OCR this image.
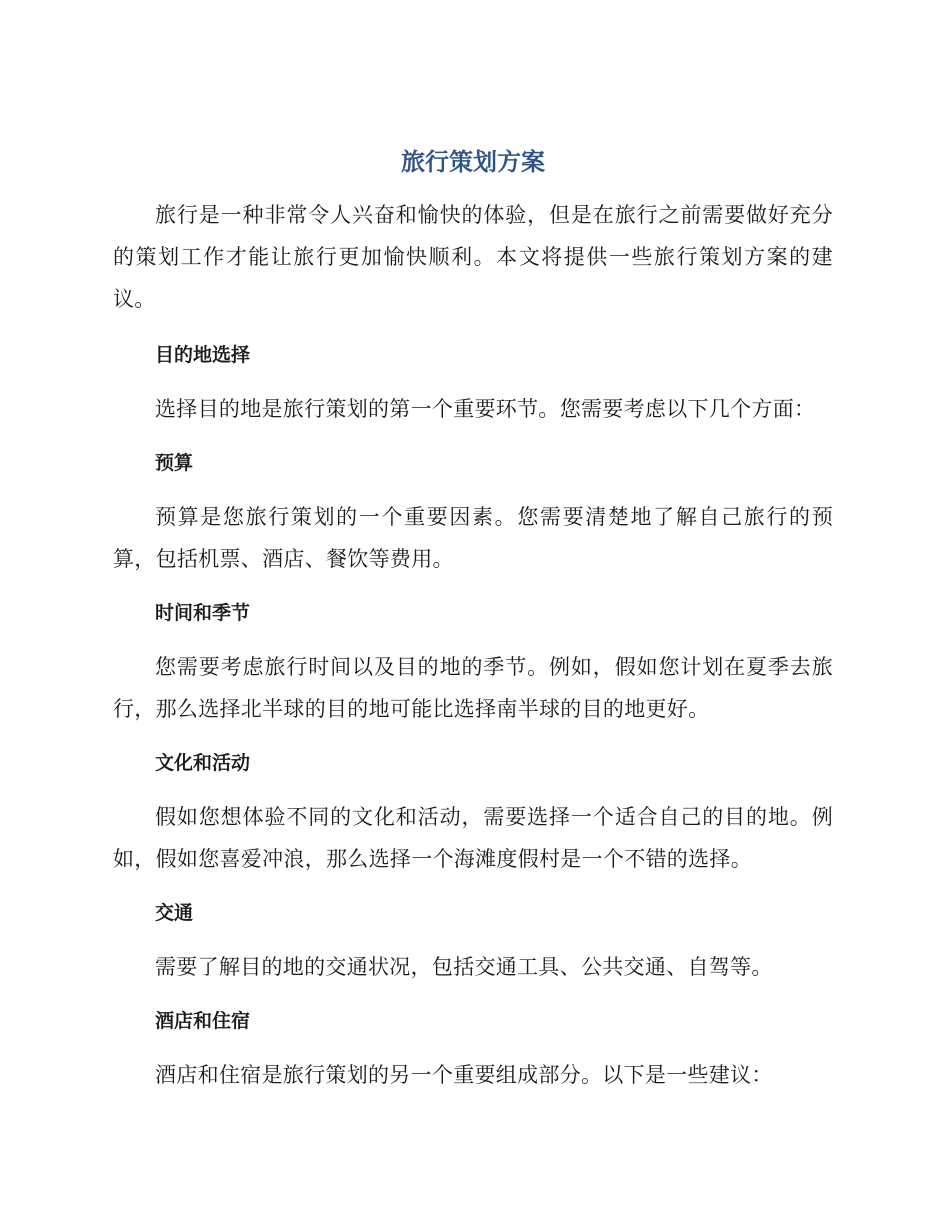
旅行策划方案

旅行是一种非常令人兴奋和愉快的体验，但是在旅行之前需要做好充分的策划工作才能让旅行更加愉快顺利。本文将提供一些旅行策划方案的建议。

目的地选择

选择目的地是旅行策划的第一个重要环节。您需要考虑以下几个方面：

预算

预算是您旅行策划的一个重要因素。您需要清楚地了解自己旅行的预算，包括机票、酒店、餐饮等费用。

时间和季节

您需要考虑旅行时间以及目的地的季节。例如，假如您计划在夏季去旅行，那么选择北半球的目的地可能比选择南半球的目的地更好。

文化和活动

假如您想体验不同的文化和活动，需要选择一个适合自己的目的地。例如，假如您喜爱冲浪，那么选择一个海滩度假村是一个不错的选择。

交通

需要了解目的地的交通状况，包括交通工具、公共交通、自驾等。

酒店和住宿

酒店和住宿是旅行策划的另一个重要组成部分。以下是一些建议：
